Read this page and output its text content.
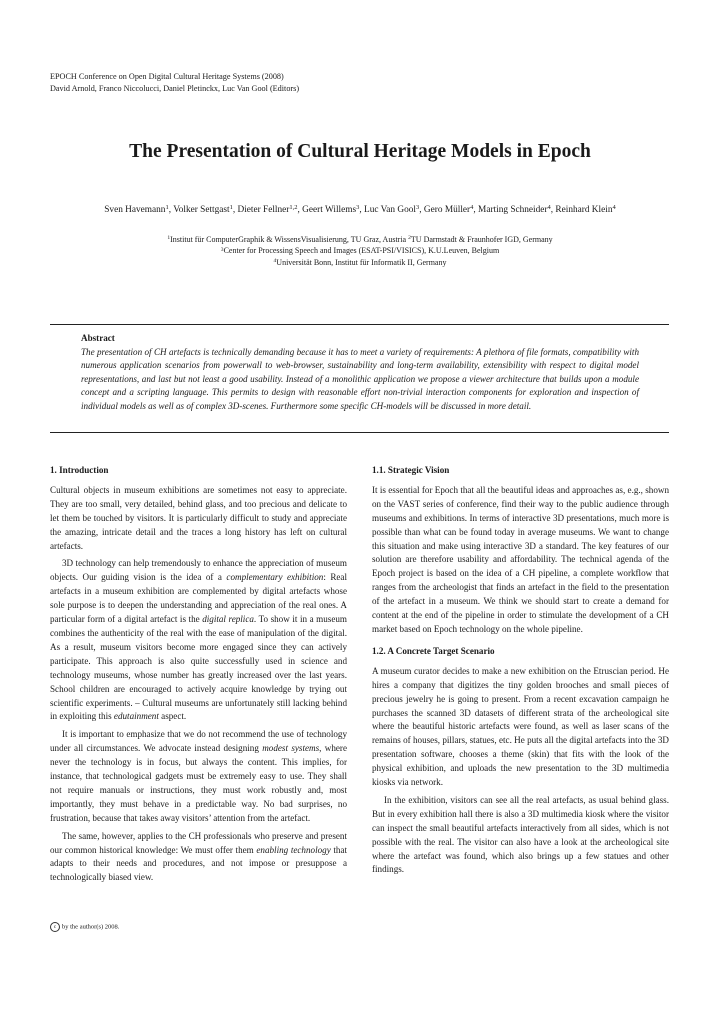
EPOCH Conference on Open Digital Cultural Heritage Systems (2008)
David Arnold, Franco Niccolucci, Daniel Pletinckx, Luc Van Gool (Editors)
The Presentation of Cultural Heritage Models in Epoch
Sven Havemann$^1$, Volker Settgast$^1$, Dieter Fellner$^{1,2}$, Geert Willems$^3$, Luc Van Gool$^3$, Gero Müller$^4$, Marting Schneider$^4$, Reinhard Klein$^4$
$^1$Institut für ComputerGraphik & WissensVisualisierung, TU Graz, Austria $^2$TU Darmstadt & Fraunhofer IGD, Germany
$^3$Center for Processing Speech and Images (ESAT-PSI/VISICS), K.U.Leuven, Belgium
$^4$Universität Bonn, Institut für Informatik II, Germany
Abstract
The presentation of CH artefacts is technically demanding because it has to meet a variety of requirements: A plethora of file formats, compatibility with numerous application scenarios from powerwall to web-browser, sustainability and long-term availability, extensibility with respect to digital model representations, and last but not least a good usability. Instead of a monolithic application we propose a viewer architecture that builds upon a module concept and a scripting language. This permits to design with reasonable effort non-trivial interaction components for exploration and inspection of individual models as well as of complex 3D-scenes. Furthermore some specific CH-models will be discussed in more detail.
1. Introduction

Cultural objects in museum exhibitions are sometimes not easy to appreciate. They are too small, very detailed, behind glass, and too precious and delicate to let them be touched by visitors. It is particularly difficult to study and appreciate the amazing, intricate detail and the traces a long history has left on cultural artefacts.

3D technology can help tremendously to enhance the appreciation of museum objects. Our guiding vision is the idea of a complementary exhibition: Real artefacts in a museum exhibition are complemented by digital artefacts whose sole purpose is to deepen the understanding and appreciation of the real ones. A particular form of a digital artefact is the digital replica. To show it in a museum combines the authenticity of the real with the ease of manipulation of the digital. As a result, museum visitors become more engaged since they can actively participate. This approach is also quite successfully used in science and technology museums, whose number has greatly increased over the last years. School children are encouraged to actively acquire knowledge by trying out scientific experiments. – Cultural museums are unfortunately still lacking behind in exploiting this edutainment aspect.

It is important to emphasize that we do not recommend the use of technology under all circumstances. We advocate instead designing modest systems, where never the technology is in focus, but always the content. This implies, for instance, that technological gadgets must be extremely easy to use. They shall not require manuals or instructions, they must work robustly and, most importantly, they must behave in a predictable way. No bad surprises, no frustration, because that takes away visitors’ attention from the artefact.

The same, however, applies to the CH professionals who preserve and present our common historical knowledge: We must offer them enabling technology that adapts to their needs and procedures, and not impose or presuppose a technologically biased view.

1.1. Strategic Vision

It is essential for Epoch that all the beautiful ideas and approaches as, e.g., shown on the VAST series of conference, find their way to the public audience through museums and exhibitions. In terms of interactive 3D presentations, much more is possible than what can be found today in average museums. We want to change this situation and make using interactive 3D a standard. The key features of our solution are therefore usability and affordability. The technical agenda of the Epoch project is based on the idea of a CH pipeline, a complete workflow that ranges from the archeologist that finds an artefact in the field to the presentation of the artefact in a museum. We think we should start to create a demand for content at the end of the pipeline in order to stimulate the development of a CH market based on Epoch technology on the whole pipeline.

1.2. A Concrete Target Scenario

A museum curator decides to make a new exhibition on the Etruscian period. He hires a company that digitizes the tiny golden brooches and small pieces of precious jewelry he is going to present. From a recent excavation campaign he purchases the scanned 3D datasets of different strata of the archeological site where the beautiful historic artefacts were found, as well as laser scans of the remains of houses, pillars, statues, etc. He puts all the digital artefacts into the 3D presentation software, chooses a theme (skin) that fits with the look of the physical exhibition, and uploads the new presentation to the 3D multimedia kiosks via network.

In the exhibition, visitors can see all the real artefacts, as usual behind glass. But in every exhibition hall there is also a 3D multimedia kiosk where the visitor can inspect the small beautiful artefacts interactively from all sides, which is not possible with the real. The visitor can also have a look at the archeological site where the artefact was found, which also brings up a few statues and other findings.

c by the author(s) 2008.
